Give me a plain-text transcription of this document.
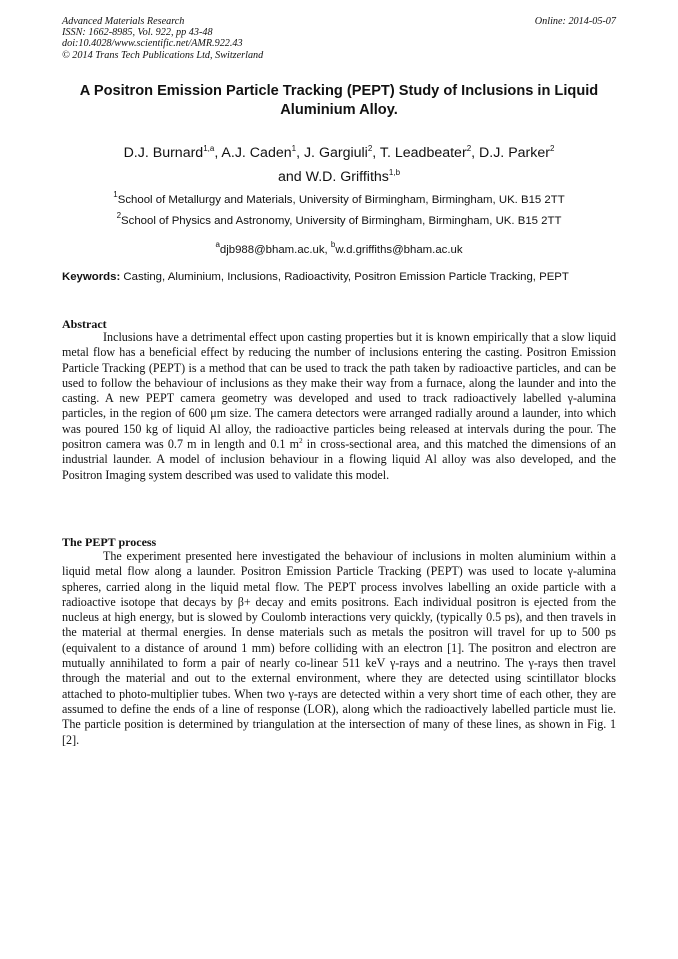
Advanced Materials Research
ISSN: 1662-8985, Vol. 922, pp 43-48
doi:10.4028/www.scientific.net/AMR.922.43
© 2014 Trans Tech Publications Ltd, Switzerland
Online: 2014-05-07
A Positron Emission Particle Tracking (PEPT) Study of Inclusions in Liquid Aluminium Alloy.
D.J. Burnard$^{1,a}$, A.J. Caden$^1$, J. Gargiuli$^2$, T. Leadbeater$^2$, D.J. Parker$^2$
and W.D. Griffiths$^{1,b}$
$^1$School of Metallurgy and Materials, University of Birmingham, Birmingham, UK. B15 2TT
$^2$School of Physics and Astronomy, University of Birmingham, Birmingham, UK. B15 2TT
$^a$djb988@bham.ac.uk, $^b$w.d.griffiths@bham.ac.uk
Keywords: Casting, Aluminium, Inclusions, Radioactivity, Positron Emission Particle Tracking, PEPT
Abstract
Inclusions have a detrimental effect upon casting properties but it is known empirically that a slow liquid metal flow has a beneficial effect by reducing the number of inclusions entering the casting. Positron Emission Particle Tracking (PEPT) is a method that can be used to track the path taken by radioactive particles, and can be used to follow the behaviour of inclusions as they make their way from a furnace, along the launder and into the casting. A new PEPT camera geometry was developed and used to track radioactively labelled γ-alumina particles, in the region of 600 μm size. The camera detectors were arranged radially around a launder, into which was poured 150 kg of liquid Al alloy, the radioactive particles being released at intervals during the pour. The positron camera was 0.7 m in length and 0.1 $m^2$ in cross-sectional area, and this matched the dimensions of an industrial launder. A model of inclusion behaviour in a flowing liquid Al alloy was also developed, and the Positron Imaging system described was used to validate this model.
The PEPT process
The experiment presented here investigated the behaviour of inclusions in molten aluminium within a liquid metal flow along a launder. Positron Emission Particle Tracking (PEPT) was used to locate γ-alumina spheres, carried along in the liquid metal flow. The PEPT process involves labelling an oxide particle with a radioactive isotope that decays by β+ decay and emits positrons. Each individual positron is ejected from the nucleus at high energy, but is slowed by Coulomb interactions very quickly, (typically 0.5 ps), and then travels in the material at thermal energies. In dense materials such as metals the positron will travel for up to 500 ps (equivalent to a distance of around 1 mm) before colliding with an electron [1]. The positron and electron are mutually annihilated to form a pair of nearly co-linear 511 keV γ-rays and a neutrino. The γ-rays then travel through the material and out to the external environment, where they are detected using scintillator blocks attached to photo-multiplier tubes. When two γ-rays are detected within a very short time of each other, they are assumed to define the ends of a line of response (LOR), along which the radioactively labelled particle must lie. The particle position is determined by triangulation at the intersection of many of these lines, as shown in Fig. 1 [2].
